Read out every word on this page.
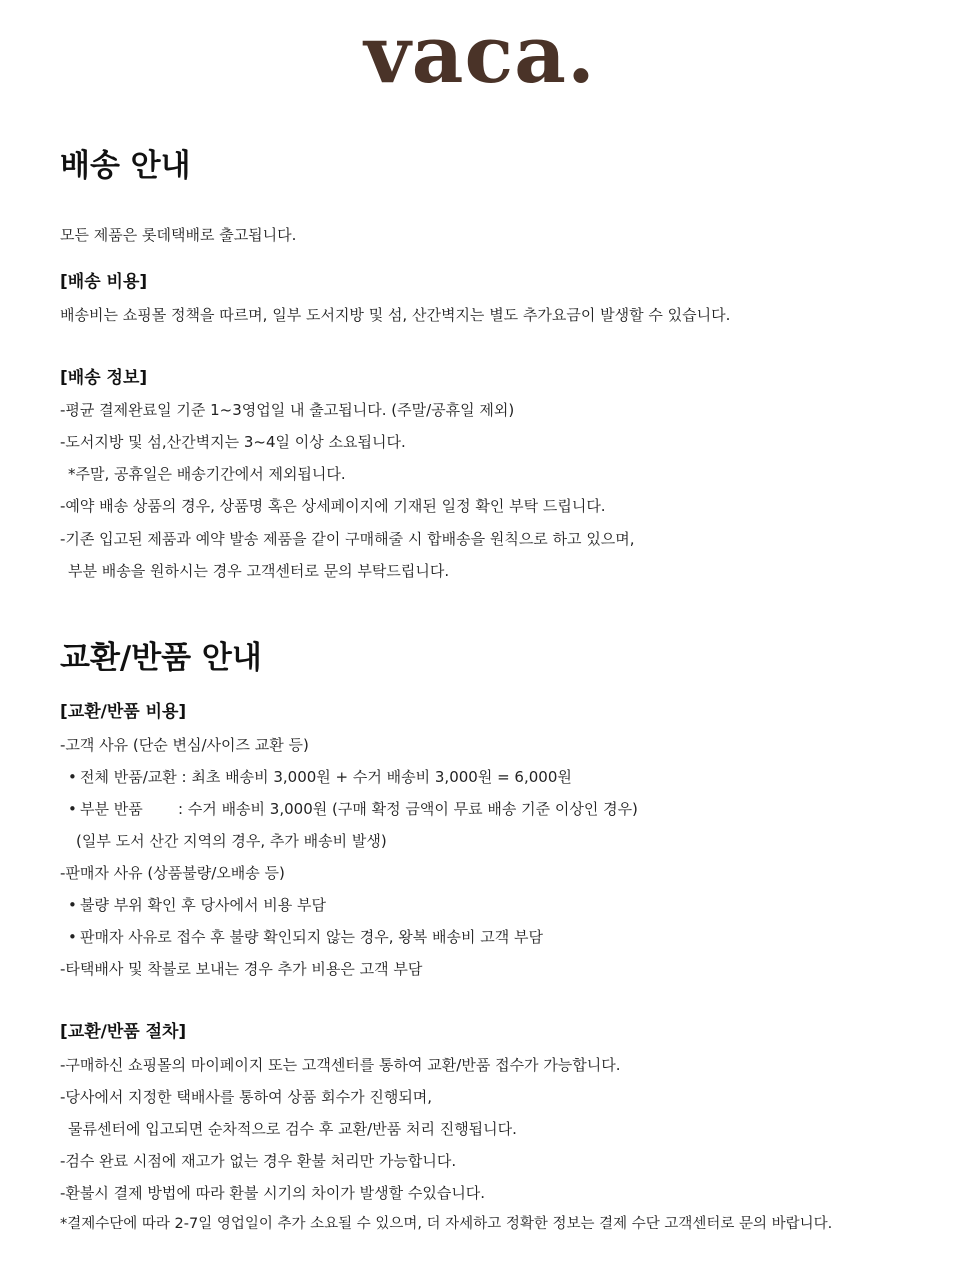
vaca.
배송 안내

모든 제품은 롯데택배로 출고됩니다.

[배송 비용]

배송비는 쇼핑몰 정책을 따르며, 일부 도서지방 및 섬, 산간벽지는 별도 추가요금이 발생할 수 있습니다.

[배송 정보]

-평균 결제완료일 기준 1~3영업일 내 출고됩니다. (주말/공휴일 제외)

-도서지방 및 섬,산간벽지는 3~4일 이상 소요됩니다.

*주말, 공휴일은 배송기간에서 제외됩니다.

-예약 배송 상품의 경우, 상품명 혹은 상세페이지에 기재된 일정 확인 부탁 드립니다.

-기존 입고된 제품과 예약 발송 제품을 같이 구매해줄 시 합배송을 원칙으로 하고 있으며,

부분 배송을 원하시는 경우 고객센터로 문의 부탁드립니다.

교환/반품 안내
[교환/반품 비용]

-고객 사유 (단순 변심/사이즈 교환 등)

• 전체 반품/교환 : 최초 배송비 3,000원 + 수거 배송비 3,000원 = 6,000원

• 부분 반품 : 수거 배송비 3,000원 (구매 확정 금액이 무료 배송 기준 이상인 경우)

(일부 도서 산간 지역의 경우, 추가 배송비 발생)

-판매자 사유 (상품불량/오배송 등)

• 불량 부위 확인 후 당사에서 비용 부담

• 판매자 사유로 접수 후 불량 확인되지 않는 경우, 왕복 배송비 고객 부담

-타택배사 및 착불로 보내는 경우 추가 비용은 고객 부담

[교환/반품 절차]

-구매하신 쇼핑몰의 마이페이지 또는 고객센터를 통하여 교환/반품 접수가 가능합니다.

-당사에서 지정한 택배사를 통하여 상품 회수가 진행되며,

물류센터에 입고되면 순차적으로 검수 후 교환/반품 처리 진행됩니다.

-검수 완료 시점에 재고가 없는 경우 환불 처리만 가능합니다.

-환불시 결제 방법에 따라 환불 시기의 차이가 발생할 수있습니다.

*결제수단에 따라 2-7일 영업일이 추가 소요될 수 있으며, 더 자세하고 정확한 정보는 결제 수단 고객센터로 문의 바랍니다.
